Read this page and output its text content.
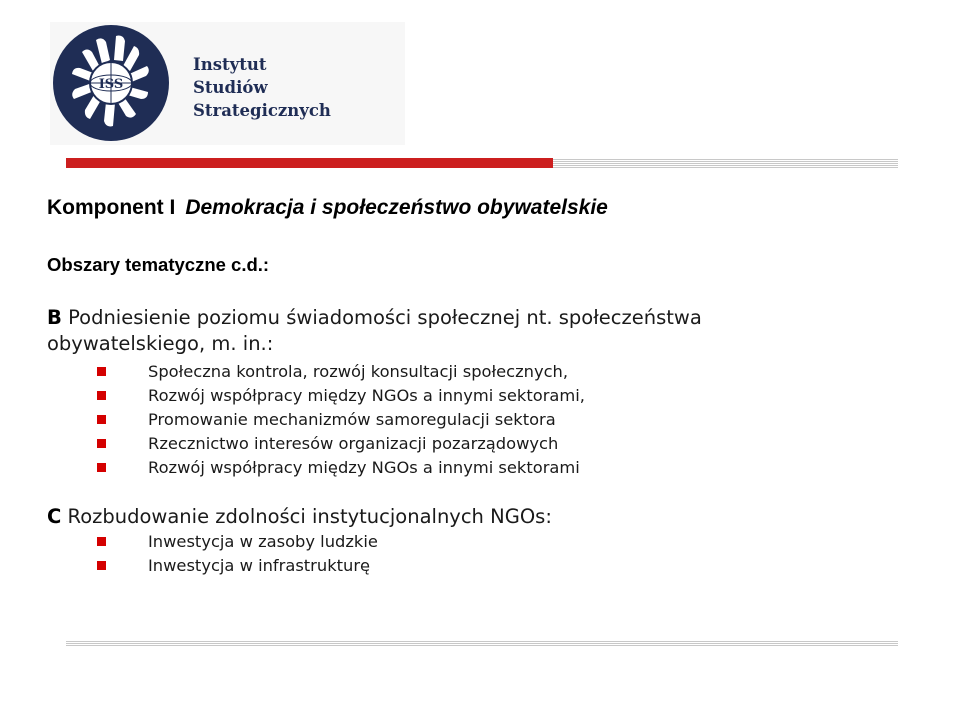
ISS
Instytut
Studiów
Strategicznych
Komponent I Demokracja i społeczeństwo obywatelskie
Obszary tematyczne c.d.:
B Podniesienie poziomu świadomości społecznej nt. społeczeństwa
obywatelskiego, m. in.:
Społeczna kontrola, rozwój konsultacji społecznych,
Rozwój współpracy między NGOs a innymi sektorami,
Promowanie mechanizmów samoregulacji sektora
Rzecznictwo interesów organizacji pozarządowych
Rozwój współpracy między NGOs a innymi sektorami
C Rozbudowanie zdolności instytucjonalnych NGOs:
Inwestycja w zasoby ludzkie
Inwestycja w infrastrukturę
